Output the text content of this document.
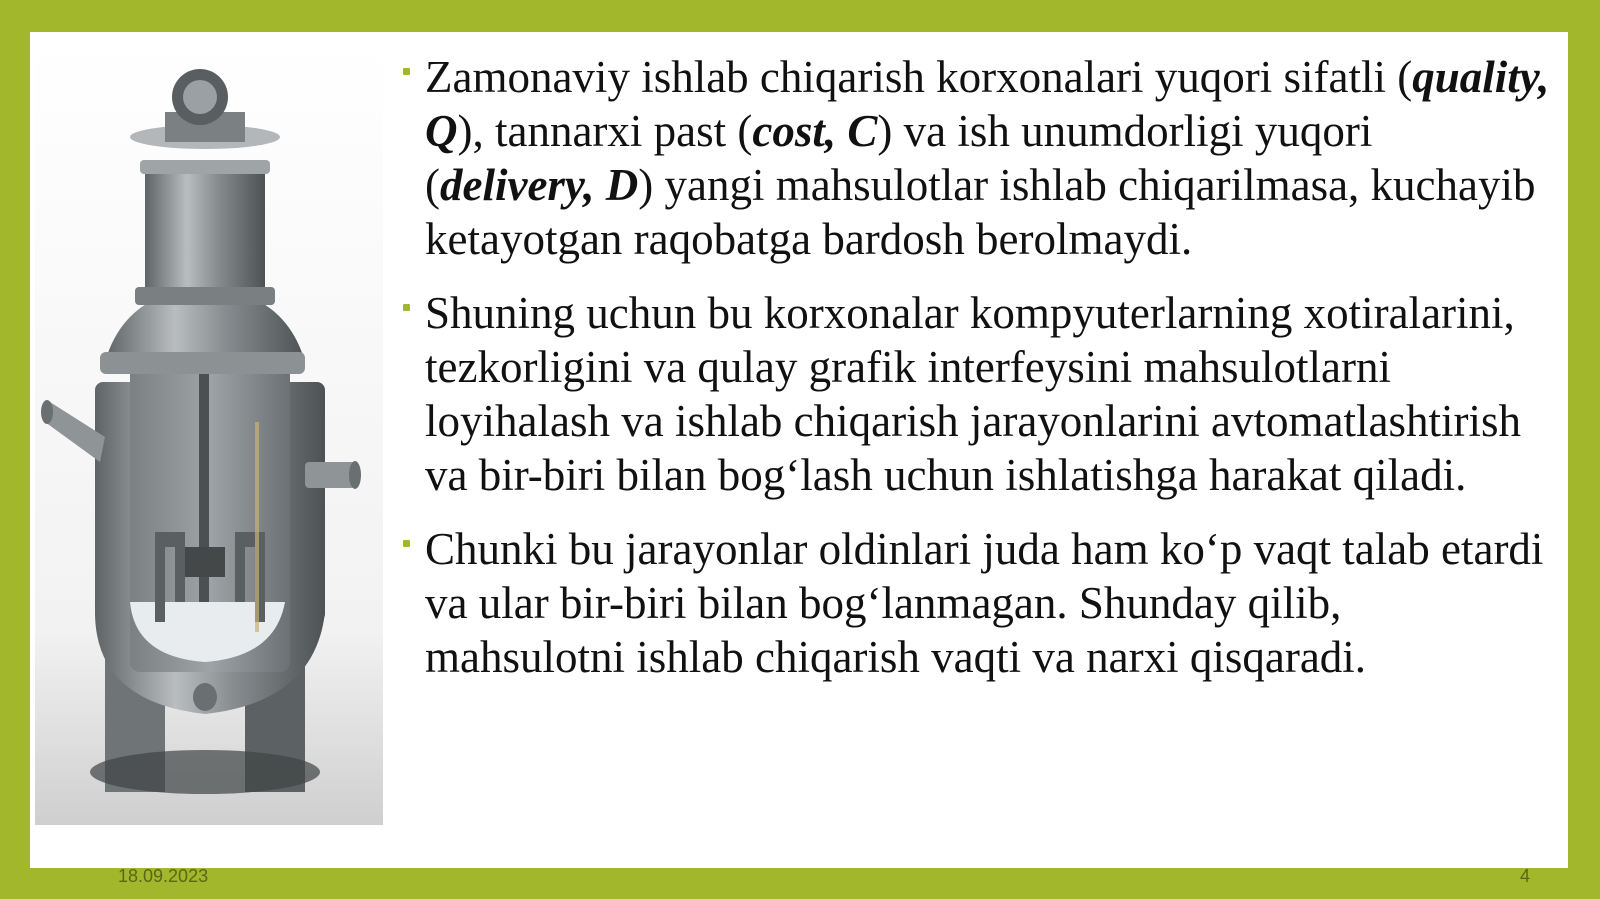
Zamonaviy ishlab chiqarish korxonalari yuqori sifatli (quality, Q), tannarxi past (cost, C) va ish unumdorligi yuqori (delivery, D) yangi mahsulotlar ishlab chiqarilmasa, kuchayib ketayotgan raqobatga bardosh berolmaydi.
Shuning uchun bu korxonalar kompyuterlarning xotiralarini, tezkorligini va qulay grafik interfeysini mahsulotlarni loyihalash va ishlab chiqarish jarayonlarini avtomatlashtirish va bir-biri bilan bog‘lash uchun ishlatishga harakat qiladi.
Chunki bu jarayonlar oldinlari juda ham ko‘p vaqt talab etardi va ular bir-biri bilan bog‘lanmagan. Shunday qilib, mahsulotni ishlab chiqarish vaqti va narxi qisqaradi.
18.09.2023	4
